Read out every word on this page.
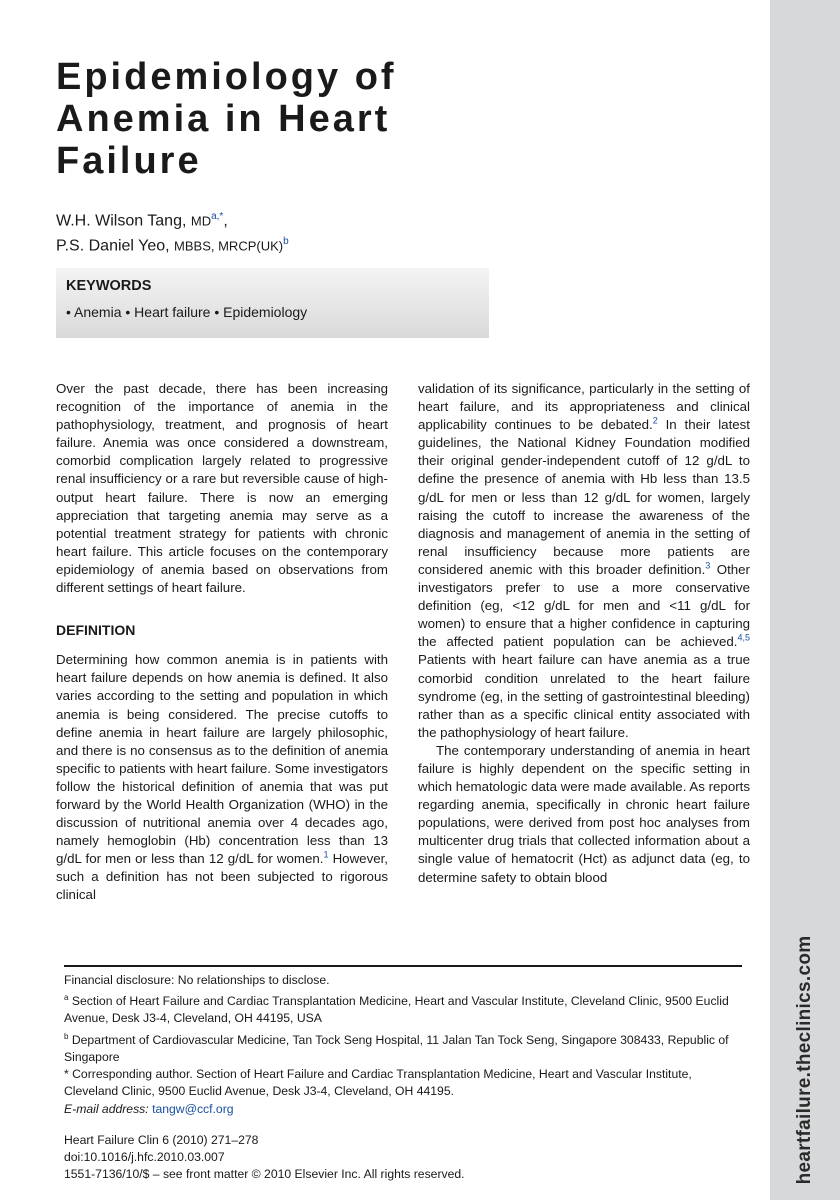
heartfailure.theclinics.com
Epidemiology of
Anemia in Heart
Failure
W.H. Wilson Tang, $MD^{a,*}$,
P.S. Daniel Yeo, MBBS, MRCP(UK)$^b$
KEYWORDS
• Anemia • Heart failure • Epidemiology

Over the past decade, there has been increasing recognition of the importance of anemia in the pathophysiology, treatment, and prognosis of heart failure. Anemia was once considered a downstream, comorbid complication largely related to progressive renal insufficiency or a rare but reversible cause of high-output heart failure. There is now an emerging appreciation that targeting anemia may serve as a potential treatment strategy for patients with chronic heart failure. This article focuses on the contemporary epidemiology of anemia based on observations from different settings of heart failure.

DEFINITION

Determining how common anemia is in patients with heart failure depends on how anemia is defined. It also varies according to the setting and population in which anemia is being considered. The precise cutoffs to define anemia in heart failure are largely philosophic, and there is no consensus as to the definition of anemia specific to patients with heart failure. Some investigators follow the historical definition of anemia that was put forward by the World Health Organization (WHO) in the discussion of nutritional anemia over 4 decades ago, namely hemoglobin (Hb) concentration less than 13 g/dL for men or less than 12 g/dL for women.$^1$ However, such a definition has not been subjected to rigorous clinical

validation of its significance, particularly in the setting of heart failure, and its appropriateness and clinical applicability continues to be debated.$^2$ In their latest guidelines, the National Kidney Foundation modified their original gender-independent cutoff of 12 g/dL to define the presence of anemia with Hb less than 13.5 g/dL for men or less than 12 g/dL for women, largely raising the cutoff to increase the awareness of the diagnosis and management of anemia in the setting of renal insufficiency because more patients are considered anemic with this broader definition.$^3$ Other investigators prefer to use a more conservative definition (eg, <12 g/dL for men and <11 g/dL for women) to ensure that a higher confidence in capturing the affected patient population can be achieved.$^{4,5}$ Patients with heart failure can have anemia as a true comorbid condition unrelated to the heart failure syndrome (eg, in the setting of gastrointestinal bleeding) rather than as a specific clinical entity associated with the pathophysiology of heart failure.

The contemporary understanding of anemia in heart failure is highly dependent on the specific setting in which hematologic data were made available. As reports regarding anemia, specifically in chronic heart failure populations, were derived from post hoc analyses from multicenter drug trials that collected information about a single value of hematocrit (Hct) as adjunct data (eg, to determine safety to obtain blood

Financial disclosure: No relationships to disclose.

$^a$ Section of Heart Failure and Cardiac Transplantation Medicine, Heart and Vascular Institute, Cleveland Clinic, 9500 Euclid Avenue, Desk J3-4, Cleveland, OH 44195, USA

$^b$ Department of Cardiovascular Medicine, Tan Tock Seng Hospital, 11 Jalan Tan Tock Seng, Singapore 308433, Republic of Singapore

* Corresponding author. Section of Heart Failure and Cardiac Transplantation Medicine, Heart and Vascular Institute, Cleveland Clinic, 9500 Euclid Avenue, Desk J3-4, Cleveland, OH 44195.

E-mail address: tangw@ccf.org

Heart Failure Clin 6 (2010) 271–278

doi:10.1016/j.hfc.2010.03.007

1551-7136/10/$ – see front matter © 2010 Elsevier Inc. All rights reserved.
